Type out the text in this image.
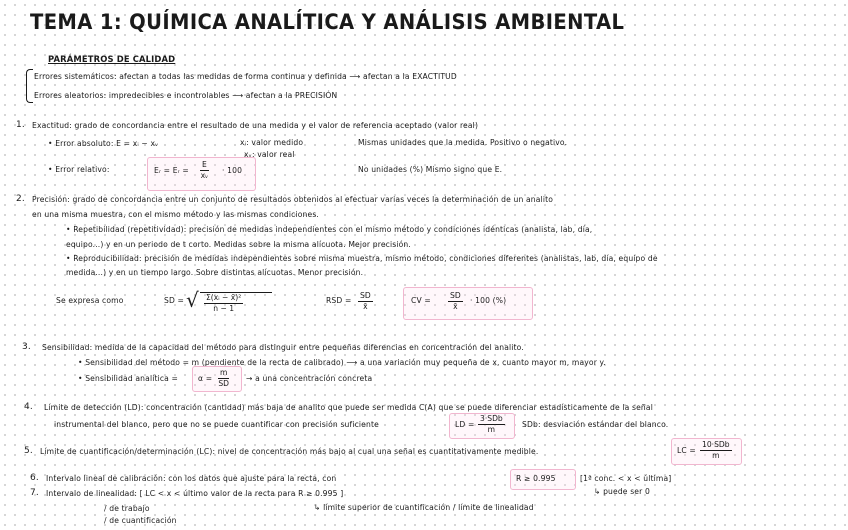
TEMA 1: QUÍMICA ANALÍTICA Y ANÁLISIS AMBIENTAL
PARÁMETROS DE CALIDAD
Errores sistemáticos: afectan a todas las medidas de forma continua y definida ⟶ afectan a la EXACTITUD
Errores aleatorios: impredecibles e incontrolables ⟶ afectan a la PRECISIÓN
1. Exactitud: grado de concordancia entre el resultado de una medida y el valor de referencia aceptado (valor real)
• Error absoluto: E = xᵢ − xᵥ	xᵢ: valor medido
xᵥ: valor real
Mismas unidades que la medida. Positivo o negativo.
• Error relativo:	Eᵣ = Eᵣ = $\frac{E}{\text{xᵥ}} \cdot 100$	No unidades (%) Mismo signo que E.
2. Precisión: grado de concordancia entre un conjunto de resultados obtenidos al efectuar varias veces la determinación de un analito
en una misma muestra, con el mismo método y las mismas condiciones.
• Repetibilidad (repetitividad): precisión de medidas independientes con el mismo método y condiciones idénticas (analista, lab, día,
equipo...) y en un periodo de t corto. Medidas sobre la misma alícuota. Mejor precisión.
• Reproducibilidad: precisión de medidas independientes sobre misma muestra, mismo método, condiciones diferentes (analistas, lab, día, equipo de
medida...) y en un tiempo largo. Sobre distintas alícuotas. Menor precisión.
Se expresa como	SD = √ $\frac{\text{Σ(xᵢ − x̄)²}}{n - 1}$	RSD = $\frac{SD}{x̄}$	CV = $\frac{SD}{x̄} \cdot 100$ (%)
3. Sensibilidad: medida de la capacidad del método para distinguir entre pequeñas diferencias en concentración del analito.
• Sensibilidad del método = m (pendiente de la recta de calibrado) ⟶ a una variación muy pequeña de x, cuanto mayor m, mayor y.
• Sensibilidad analítica =	$\alpha = \frac{m}{SD} \to a$ una concentración concreta
4. Límite de detección (LD): concentración (cantidad) más baja de analito que puede ser medida C(A) que se puede diferenciar estadísticamente de la señal
instrumental del blanco, pero que no se puede cuantificar con precisión suficiente	LD =
3·SDb
m
SDb: desviación estándar del blanco.
5. Límite de cuantificación/determinación (LC): nivel de concentración más bajo al cual una señal es cuantitativamente medible.	LC =
10·SDb
m
6. Intervalo lineal de calibración: con los datos que ajuste para la recta, con	R ≥ 0.995	[1ª conc. < x < última]
↳ puede ser 0
7. Intervalo de linealidad: [ LC < x < último valor de la recta para R ≥ 0.995 ]
/ de trabajo
/ de cuantificación
↳ límite superior de cuantificación / límite de linealidad
